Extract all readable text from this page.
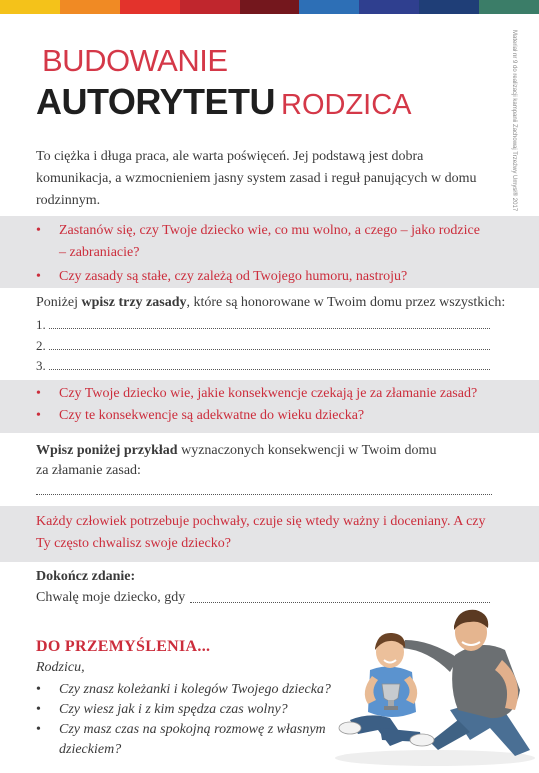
Materiał nr 9 do realizacji kampanii Zachowaj Trzeźwy Umysł® 2017
BUDOWANIE
AUTORYTETU RODZICA
To ciężka i długa praca, ale warta poświęceń. Jej podstawą jest dobra komunikacja, a wzmocnieniem jasny system zasad i reguł panujących w domu rodzinnym.
• Zastanów się, czy Twoje dziecko wie, co mu wolno, a czego – jako rodzice – zabraniacie?
• Czy zasady są stałe, czy zależą od Twojego humoru, nastroju?
Poniżej wpisz trzy zasady, które są honorowane w Twoim domu przez wszystkich:
1.
2.
3.
• Czy Twoje dziecko wie, jakie konsekwencje czekają je za złamanie zasad?
• Czy te konsekwencje są adekwatne do wieku dziecka?
Wpisz poniżej przykład wyznaczonych konsekwencji w Twoim domu
za złamanie zasad:
Każdy człowiek potrzebuje pochwały, czuje się wtedy ważny i doceniany. A czy Ty często chwalisz swoje dziecko?
Dokończ zdanie:
Chwalę moje dziecko, gdy
DO PRZEMYŚLENIA...
Rodzicu,
• Czy znasz koleżanki i kolegów Twojego dziecka?
• Czy wiesz jak i z kim spędza czas wolny?
• Czy masz czas na spokojną rozmowę z własnym dzieckiem?
